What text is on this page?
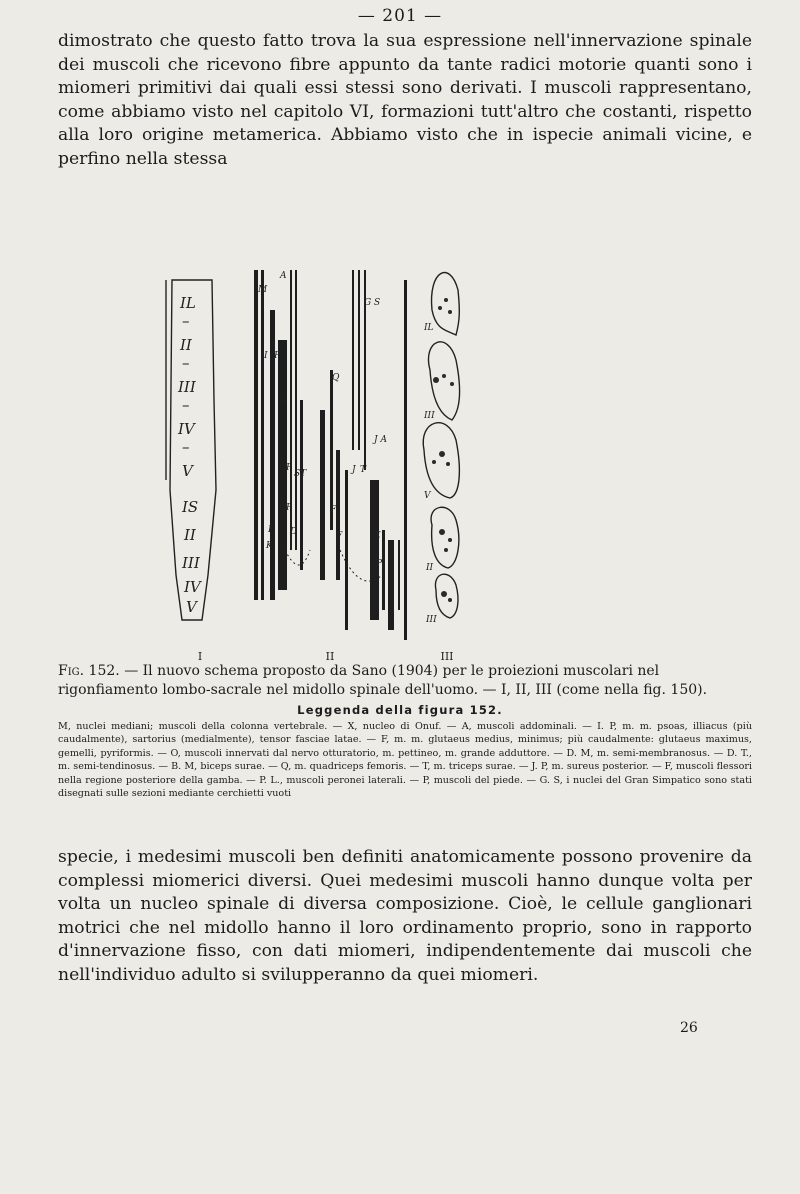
— 201 —

dimostrato che questo fatto trova la sua espressione nell'innervazione spinale dei muscoli che ricevono fibre appunto da tante radici motorie quanti sono i miomeri primitivi dai quali essi stessi sono derivati. I muscoli rappresentano, come abbiamo visto nel capitolo VI, formazioni tutt'altro che costanti, rispetto alla loro origine metamerica. Abbiamo visto che in ispecie animali vicine, e perfino nella stessa

IL
–
II
–
III
–
IV
–
V
IS
II
III
IV
V
M
A
G S
I P
Q
O
J A
P
ST	J T
I
P	F
D
F
E
P
K
F
IL
III
V
II
III
I	II	III

Fig. 152. — Il nuovo schema proposto da Sano (1904) per le proiezioni muscolari nel rigonfiamento lombo-sacrale nel midollo spinale dell'uomo. — I, II, III (come nella fig. 150).

Leggenda della figura 152.

M, nuclei mediani; muscoli della colonna vertebrale. — X, nucleo di Onuf. — A, muscoli addominali. — I. P, m. m. psoas, illiacus (più caudalmente), sartorius (medialmente), tensor fasciae latae. — F, m. m. glutaeus medius, minimus; più caudalmente: glutaeus maximus, gemelli, pyriformis. — O, muscoli innervati dal nervo otturatorio, m. pettineo, m. grande adduttore. — D. M, m. semi-membranosus. — D. T., m. semi-tendinosus. — B. M, biceps surae. — Q, m. quadriceps femoris. — T, m. triceps surae. — J. P, m. sureus posterior. — F, muscoli flessori nella regione posteriore della gamba. — P. L., muscoli peronei laterali. — P, muscoli del piede. — G. S, i nuclei del Gran Simpatico sono stati disegnati sulle sezioni mediante cerchietti vuoti

specie, i medesimi muscoli ben definiti anatomicamente possono provenire da complessi miomerici diversi. Quei medesimi muscoli hanno dunque volta per volta un nucleo spinale di diversa composizione. Cioè, le cellule ganglionari motrici che nel midollo hanno il loro ordinamento proprio, sono in rapporto d'innervazione fisso, con dati miomeri, indipendentemente dai muscoli che nell'individuo adulto si svilupperanno da quei miomeri.

26
